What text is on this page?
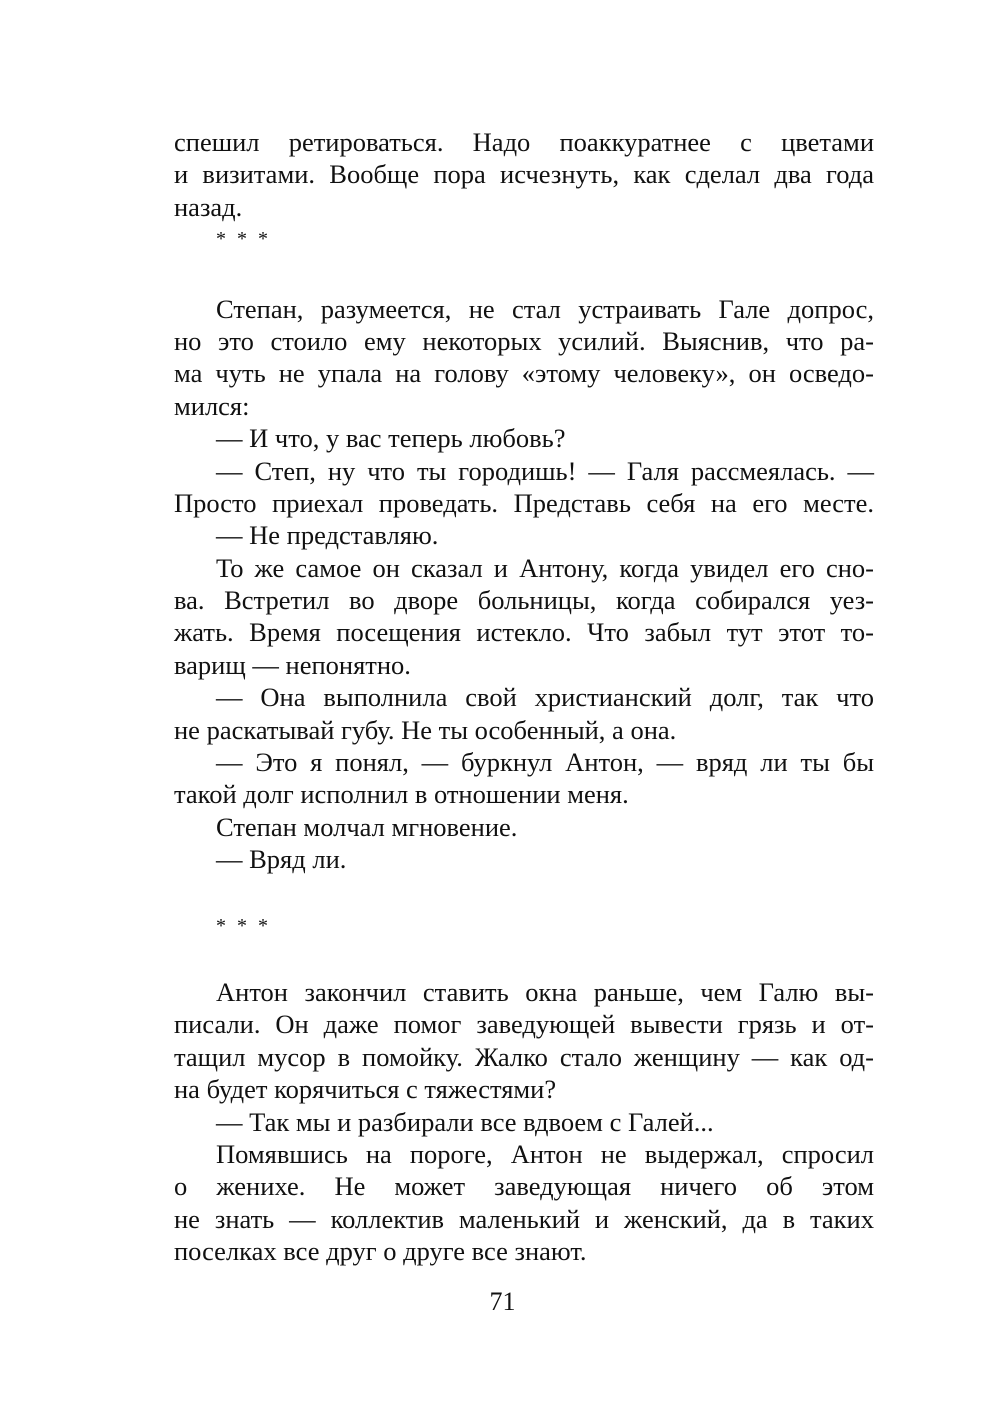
спешил ретироваться. Надо поаккуратнее с цветами
и визитами. Вообще пора исчезнуть, как сделал два года
назад.
* * *
Степан, разумеется, не стал устраивать Гале допрос,
но это стоило ему некоторых усилий. Выяснив, что ра-
ма чуть не упала на голову «этому человеку», он осведо-
мился:
— И что, у вас теперь любовь?
— Степ, ну что ты городишь! — Галя рассмеялась. —
Просто приехал проведать. Представь себя на его месте.
— Не представляю.
То же самое он сказал и Антону, когда увидел его сно-
ва. Встретил во дворе больницы, когда собирался уез-
жать. Время посещения истекло. Что забыл тут этот то-
варищ — непонятно.
— Она выполнила свой христианский долг, так что
не раскатывай губу. Не ты особенный, а она.
— Это я понял, — буркнул Антон, — вряд ли ты бы
такой долг исполнил в отношении меня.
Степан молчал мгновение.
— Вряд ли.
* * *
Антон закончил ставить окна раньше, чем Галю вы-
писали. Он даже помог заведующей вывести грязь и от-
тащил мусор в помойку. Жалко стало женщину — как од-
на будет корячиться с тяжестями?
— Так мы и разбирали все вдвоем с Галей...
Помявшись на пороге, Антон не выдержал, спросил
о женихе. Не может заведующая ничего об этом
не знать — коллектив маленький и женский, да в таких
поселках все друг о друге все знают.
71
